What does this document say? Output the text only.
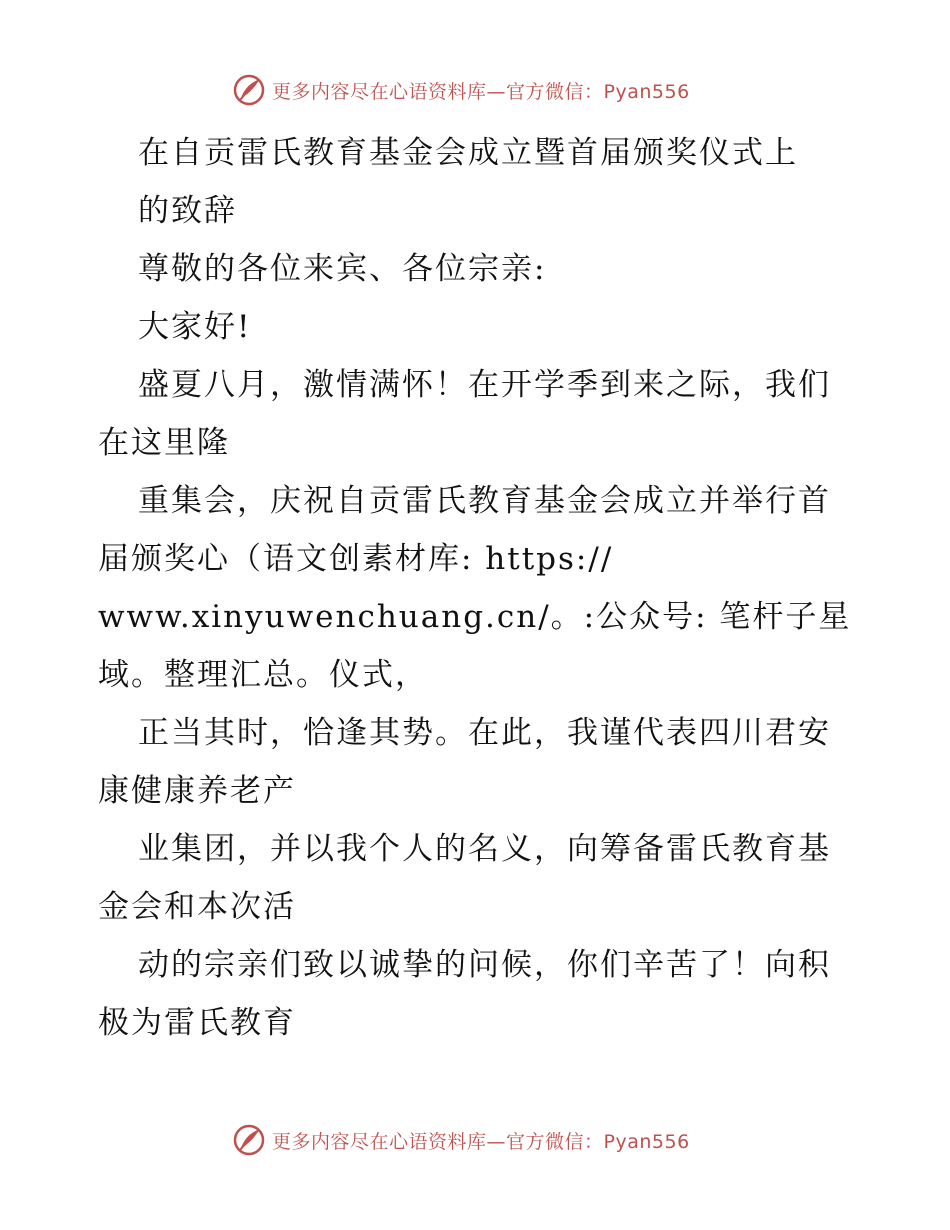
更多内容尽在心语资料库—官方微信：Pyan556
在自贡雷氏教育基金会成立暨首届颁奖仪式上
的致辞
尊敬的各位来宾、各位宗亲:
大家好!
盛夏八月，激情满怀！在开学季到来之际，我们
在这里隆
重集会，庆祝自贡雷氏教育基金会成立并举行首
届颁奖心（语文创素材库: https://
www.xinyuwenchuang.cn/。:公众号: 笔杆子星
域。整理汇总。仪式，
正当其时，恰逢其势。在此，我谨代表四川君安
康健康养老产
业集团，并以我个人的名义，向筹备雷氏教育基
金会和本次活
动的宗亲们致以诚挚的问候，你们辛苦了！向积
极为雷氏教育
更多内容尽在心语资料库—官方微信：Pyan556
